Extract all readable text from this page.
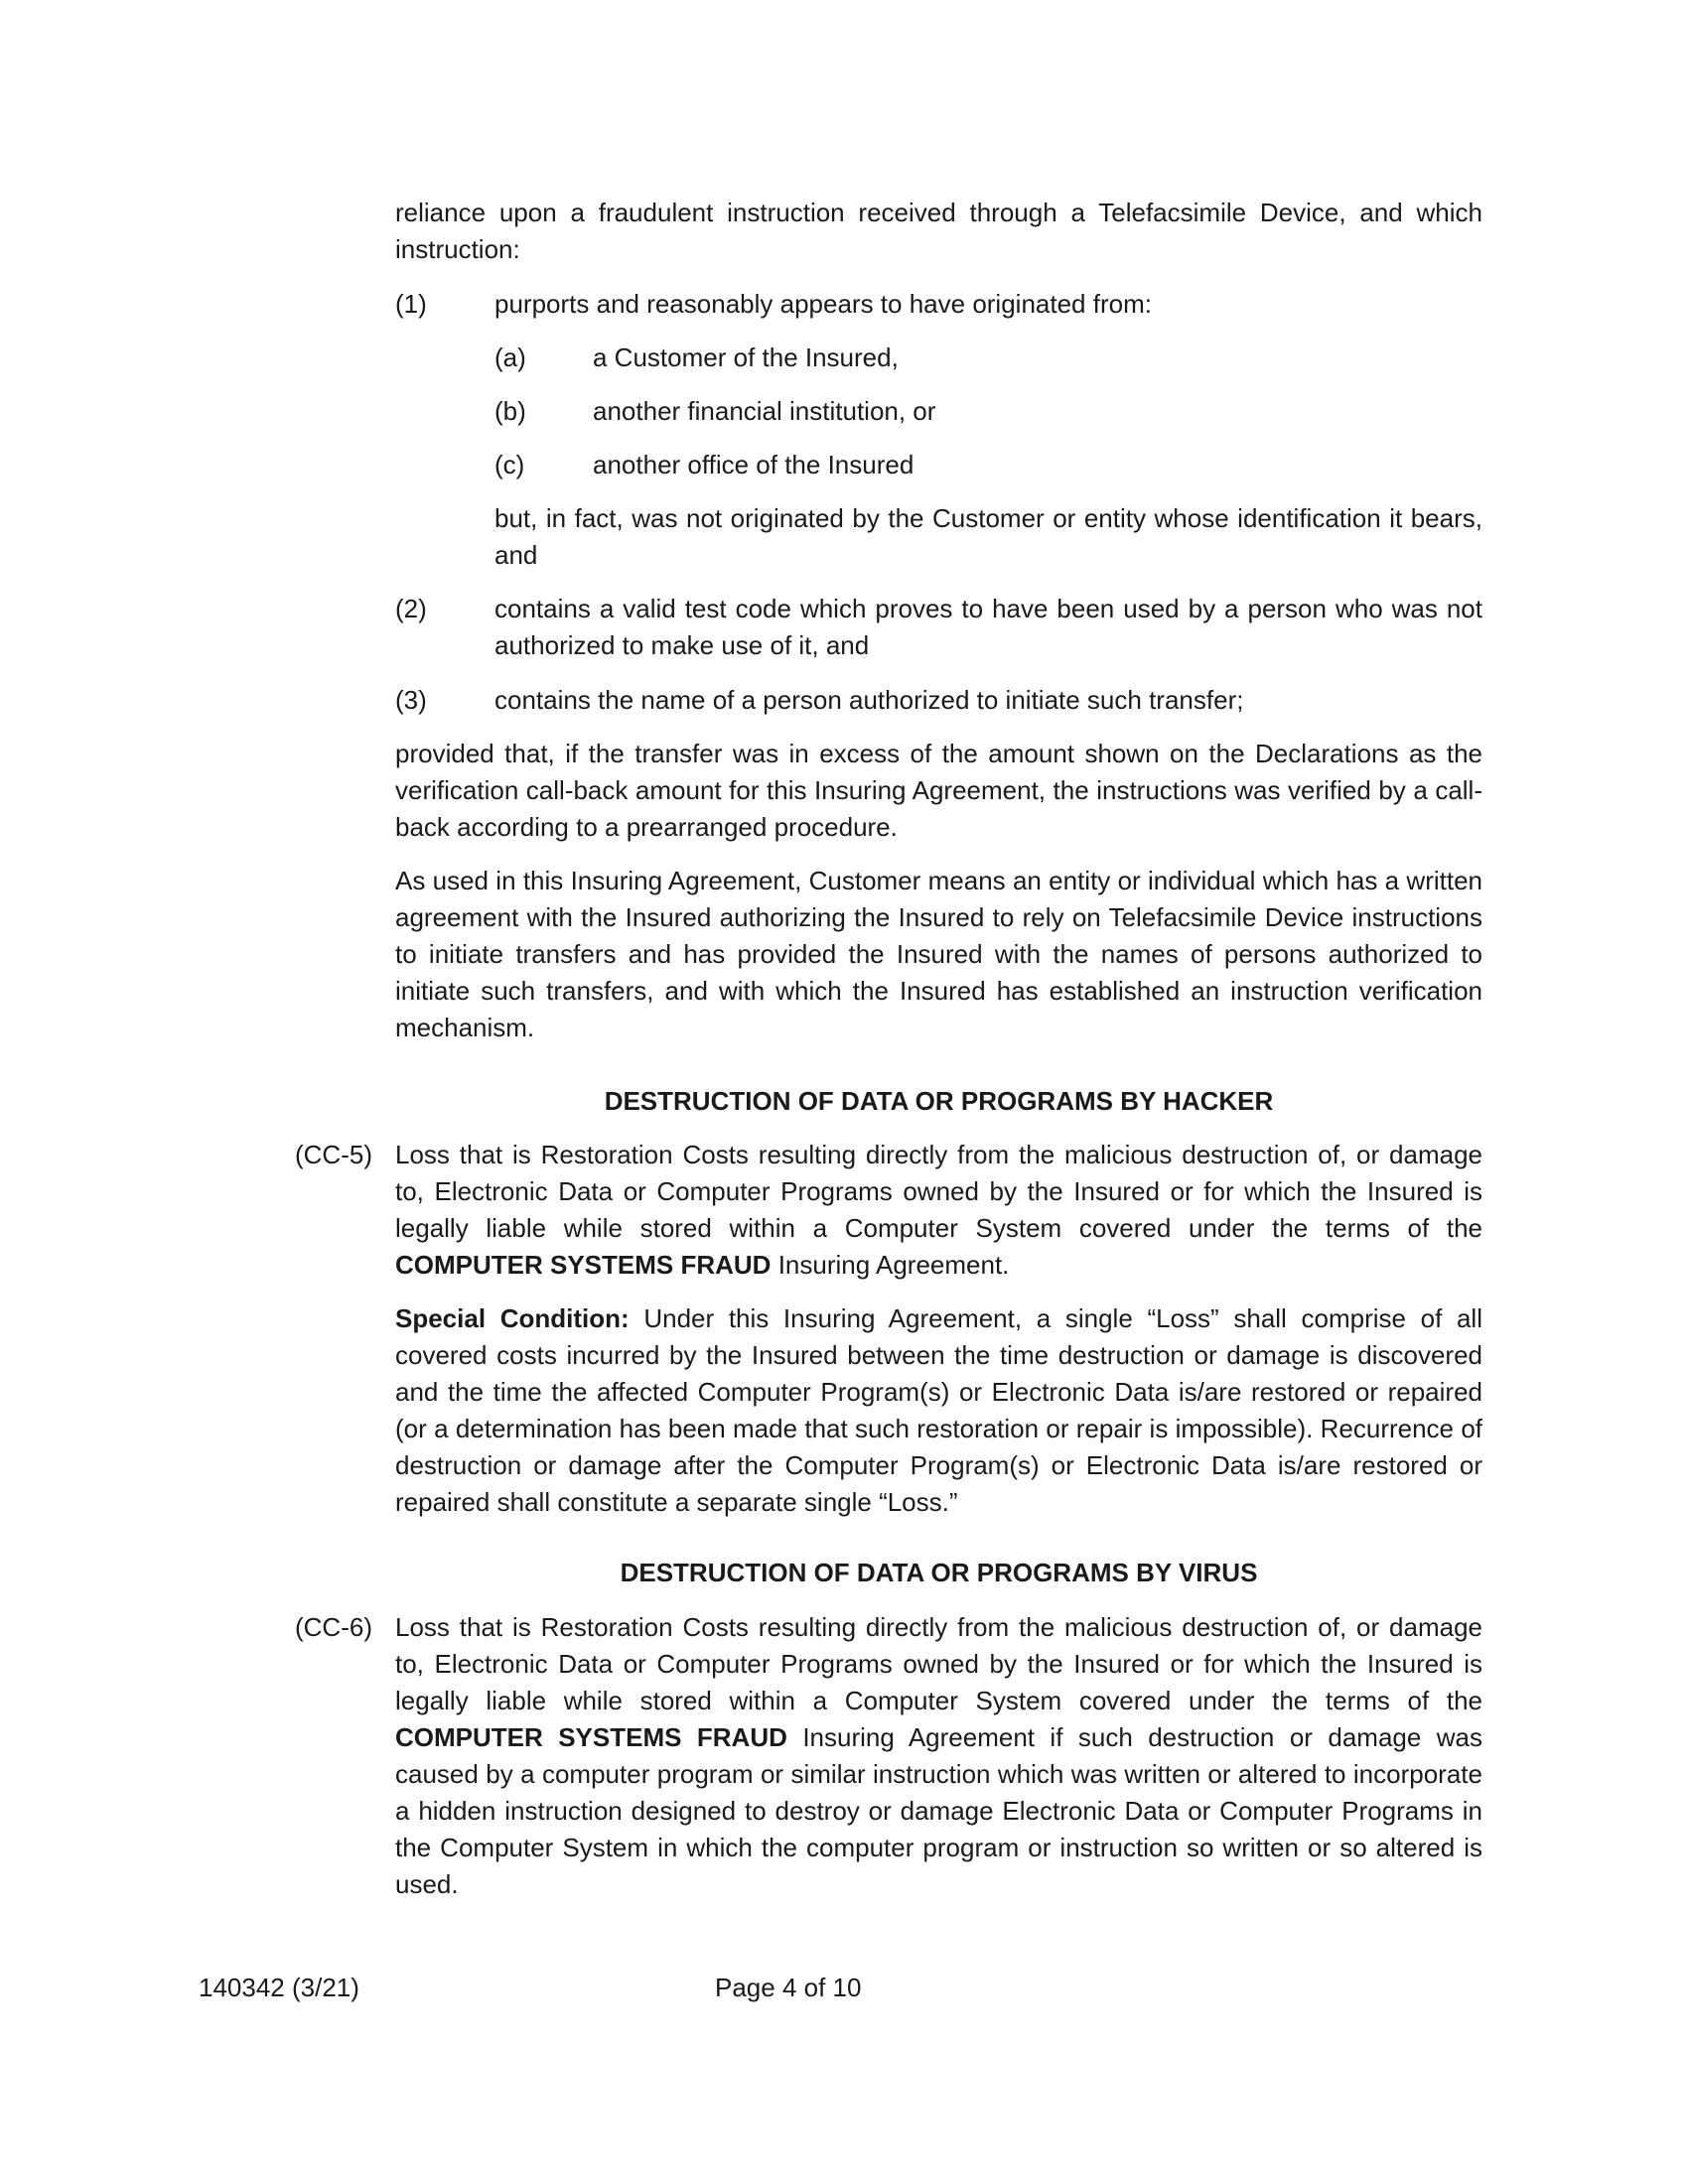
reliance upon a fraudulent instruction received through a Telefacsimile Device, and which instruction:

(1)	purports and reasonably appears to have originated from:

(a)	a Customer of the Insured,

(b)	another financial institution, or

(c)	another office of the Insured

but, in fact, was not originated by the Customer or entity whose identification it bears, and

(2)	contains a valid test code which proves to have been used by a person who was not authorized to make use of it, and

(3)	contains the name of a person authorized to initiate such transfer;

provided that, if the transfer was in excess of the amount shown on the Declarations as the verification call-back amount for this Insuring Agreement, the instructions was verified by a call-back according to a prearranged procedure.

As used in this Insuring Agreement, Customer means an entity or individual which has a written agreement with the Insured authorizing the Insured to rely on Telefacsimile Device instructions to initiate transfers and has provided the Insured with the names of persons authorized to initiate such transfers, and with which the Insured has established an instruction verification mechanism.

DESTRUCTION OF DATA OR PROGRAMS BY HACKER

(CC-5) Loss that is Restoration Costs resulting directly from the malicious destruction of, or damage to, Electronic Data or Computer Programs owned by the Insured or for which the Insured is legally liable while stored within a Computer System covered under the terms of the COMPUTER SYSTEMS FRAUD Insuring Agreement.

Special Condition: Under this Insuring Agreement, a single “Loss” shall comprise of all covered costs incurred by the Insured between the time destruction or damage is discovered and the time the affected Computer Program(s) or Electronic Data is/are restored or repaired (or a determination has been made that such restoration or repair is impossible). Recurrence of destruction or damage after the Computer Program(s) or Electronic Data is/are restored or repaired shall constitute a separate single “Loss.”

DESTRUCTION OF DATA OR PROGRAMS BY VIRUS

(CC-6) Loss that is Restoration Costs resulting directly from the malicious destruction of, or damage to, Electronic Data or Computer Programs owned by the Insured or for which the Insured is legally liable while stored within a Computer System covered under the terms of the COMPUTER SYSTEMS FRAUD Insuring Agreement if such destruction or damage was caused by a computer program or similar instruction which was written or altered to incorporate a hidden instruction designed to destroy or damage Electronic Data or Computer Programs in the Computer System in which the computer program or instruction so written or so altered is used.

140342 (3/21)	Page 4 of 10
